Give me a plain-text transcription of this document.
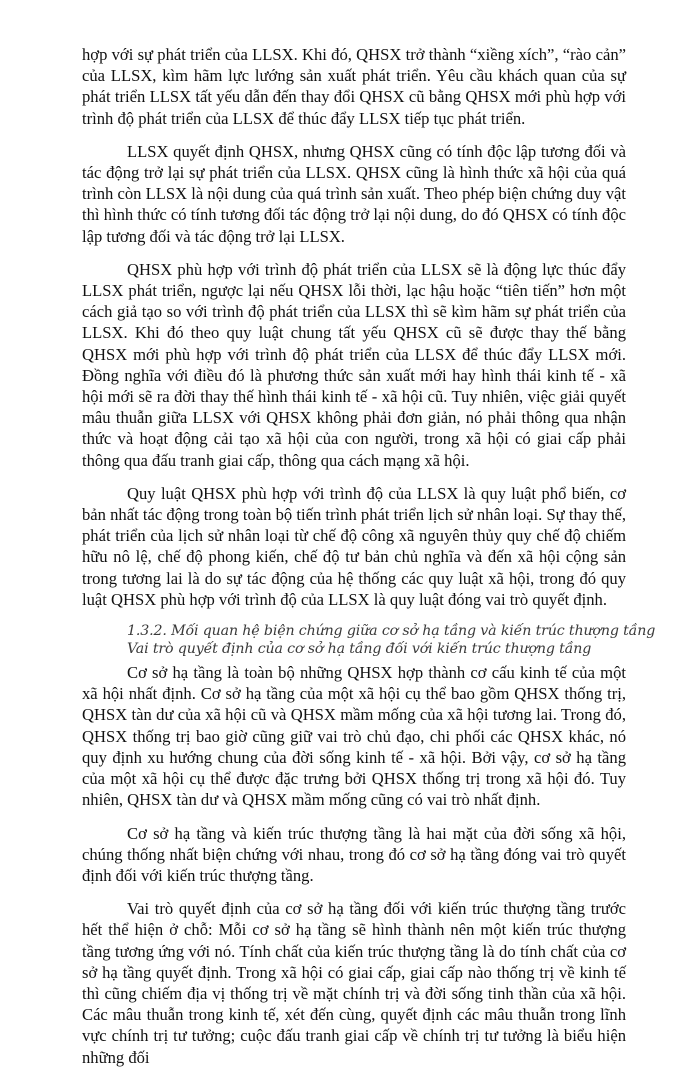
hợp với sự phát triển của LLSX. Khi đó, QHSX trở thành “xiềng xích”, “rào cản” của LLSX, kìm hãm lực lướng sản xuất phát triển. Yêu cầu khách quan của sự phát triển LLSX tất yếu dẫn đến thay đổi QHSX cũ bằng QHSX mới phù hợp với trình độ phát triển của LLSX để thúc đẩy LLSX tiếp tục phát triển.

LLSX quyết định QHSX, nhưng QHSX cũng có tính độc lập tương đối và tác động trở lại sự phát triển của LLSX. QHSX cũng là hình thức xã hội của quá trình còn LLSX là nội dung của quá trình sản xuất. Theo phép biện chứng duy vật thì hình thức có tính tương đối tác động trở lại nội dung, do đó QHSX có tính độc lập tương đối và tác động trở lại LLSX.

QHSX phù hợp với trình độ phát triển của LLSX sẽ là động lực thúc đẩy LLSX phát triển, ngược lại nếu QHSX lỗi thời, lạc hậu hoặc “tiên tiến” hơn một cách giả tạo so với trình độ phát triển của LLSX thì sẽ kìm hãm sự phát triển của LLSX. Khi đó theo quy luật chung tất yếu QHSX cũ sẽ được thay thế bằng QHSX mới phù hợp với trình độ phát triển của LLSX để thúc đẩy LLSX mới. Đồng nghĩa với điều đó là phương thức sản xuất mới hay hình thái kinh tế - xã hội mới sẽ ra đời thay thế hình thái kinh tế - xã hội cũ. Tuy nhiên, việc giải quyết mâu thuẫn giữa LLSX với QHSX không phải đơn giản, nó phải thông qua nhận thức và hoạt động cải tạo xã hội của con người, trong xã hội có giai cấp phải thông qua đấu tranh giai cấp, thông qua cách mạng xã hội.

Quy luật QHSX phù hợp với trình độ của LLSX là quy luật phổ biến, cơ bản nhất tác động trong toàn bộ tiến trình phát triển lịch sử nhân loại. Sự thay thế, phát triển của lịch sử nhân loại từ chế độ công xã nguyên thủy quy chế độ chiếm hữu nô lệ, chế độ phong kiến, chế độ tư bản chủ nghĩa và đến xã hội cộng sản trong tương lai là do sự tác động của hệ thống các quy luật xã hội, trong đó quy luật QHSX phù hợp với trình độ của LLSX là quy luật đóng vai trò quyết định.

1.3.2. Mối quan hệ biện chứng giữa cơ sở hạ tầng và kiến trúc thượng tầng
Vai trò quyết định của cơ sở hạ tầng đối với kiến trúc thượng tầng

Cơ sở hạ tầng là toàn bộ những QHSX hợp thành cơ cấu kinh tế của một xã hội nhất định. Cơ sở hạ tầng của một xã hội cụ thể bao gồm QHSX thống trị, QHSX tàn dư của xã hội cũ và QHSX mầm mống của xã hội tương lai. Trong đó, QHSX thống trị bao giờ cũng giữ vai trò chủ đạo, chi phối các QHSX khác, nó quy định xu hướng chung của đời sống kinh tế - xã hội. Bởi vậy, cơ sở hạ tầng của một xã hội cụ thể được đặc trưng bởi QHSX thống trị trong xã hội đó. Tuy nhiên, QHSX tàn dư và QHSX mầm mống cũng có vai trò nhất định.

Cơ sở hạ tầng và kiến trúc thượng tầng là hai mặt của đời sống xã hội, chúng thống nhất biện chứng với nhau, trong đó cơ sở hạ tầng đóng vai trò quyết định đối với kiến trúc thượng tầng.

Vai trò quyết định của cơ sở hạ tầng đối với kiến trúc thượng tầng trước hết thể hiện ở chỗ: Mỗi cơ sở hạ tầng sẽ hình thành nên một kiến trúc thượng tầng tương ứng với nó. Tính chất của kiến trúc thượng tầng là do tính chất của cơ sở hạ tầng quyết định. Trong xã hội có giai cấp, giai cấp nào thống trị về kinh tế thì cũng chiếm địa vị thống trị về mặt chính trị và đời sống tinh thần của xã hội. Các mâu thuẫn trong kinh tế, xét đến cùng, quyết định các mâu thuẫn trong lĩnh vực chính trị tư tưởng; cuộc đấu tranh giai cấp về chính trị tư tưởng là biểu hiện những đối
